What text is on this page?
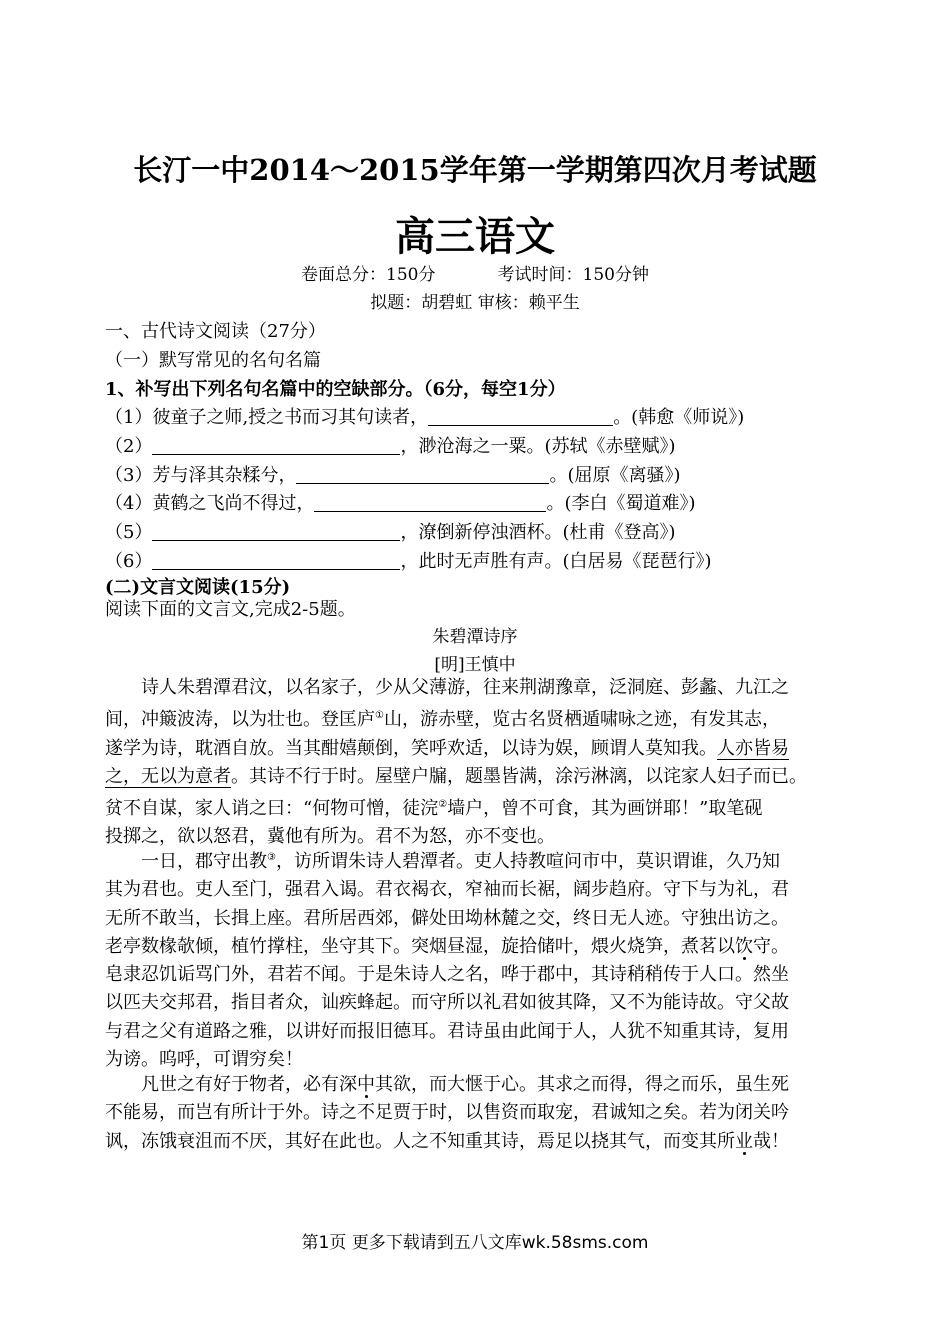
长汀一中2014～2015学年第一学期第四次月考试题
高三语文
卷面总分：150分	考试时间：150分钟
拟题：胡碧虹 审核：赖平生
一、古代诗文阅读（27分）
（一）默写常见的名句名篇
1、补写出下列名句名篇中的空缺部分。（6分，每空1分）
（1）彼童子之师,授之书而习其句读者，	。(韩愈《师说》)
（2）	，渺沧海之一粟。(苏轼《赤壁赋》)
（3）芳与泽其杂糅兮，	。(屈原《离骚》)
（4）黄鹤之飞尚不得过，	。(李白《蜀道难》)
（5）	，潦倒新停浊酒杯。(杜甫《登高》)
（6）	，此时无声胜有声。(白居易《琵琶行》)
(二)文言文阅读(15分)
阅读下面的文言文,完成2-5题。
朱碧潭诗序
[明]王慎中
诗人朱碧潭君汶，以名家子，少从父薄游，往来荆湖豫章，泛洞庭、彭蠡、九江之
间，冲簸波涛，以为壮也。登匡庐①山，游赤壁，览古名贤栖遁啸咏之迹，有发其志，
遂学为诗，耽酒自放。当其酣嬉颠倒，笑呼欢适，以诗为娱，顾谓人莫知我。人亦皆易
之，无以为意者。其诗不行于时。屋壁户牖，题墨皆满，涂污淋漓，以诧家人妇子而已。
贫不自谋，家人诮之曰：“何物可憎，徒浣②墙户，曾不可食，其为画饼耶！”取笔砚
投掷之，欲以怒君，冀他有所为。君不为怒，亦不变也。
一日，郡守出教③，访所谓朱诗人碧潭者。吏人持教喧问市中，莫识谓谁，久乃知
其为君也。吏人至门，强君入谒。君衣褐衣，窄袖而长裾，阔步趋府。守下与为礼，君
无所不敢当，长揖上座。君所居西郊，僻处田坳林麓之交，终日无人迹。守独出访之。
老亭数椽欹倾，植竹撑柱，坐守其下。突烟昼湿，旋拾储叶，煨火烧笋，煮茗以饮守。
皂隶忍饥诟骂门外，君若不闻。于是朱诗人之名，哗于郡中，其诗稍稍传于人口。然坐
以匹夫交邦君，指目者众，讪疾蜂起。而守所以礼君如彼其降，又不为能诗故。守父故
与君之父有道路之雅，以讲好而报旧德耳。君诗虽由此闻于人，人犹不知重其诗，复用
为谤。呜呼，可谓穷矣！
凡世之有好于物者，必有深中其欲，而大惬于心。其求之而得，得之而乐，虽生死
不能易，而岂有所计于外。诗之不足贾于时，以售资而取宠，君诚知之矣。若为闭关吟
讽，冻饿衰沮而不厌，其好在此也。人之不知重其诗，焉足以挠其气，而变其所业哉！
第1页 更多下载请到五八文库wk.58sms.com
